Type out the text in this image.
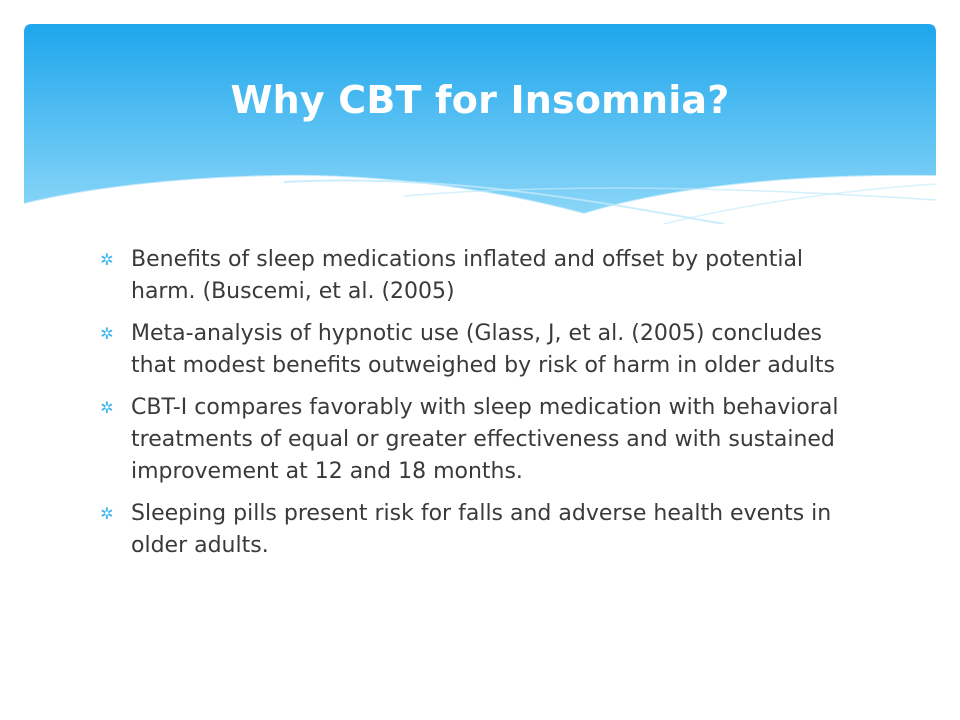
Why CBT for Insomnia?
✲ Benefits of sleep medications inflated and offset by potential harm. (Buscemi, et al. (2005)
✲ Meta-analysis of hypnotic use (Glass, J, et al. (2005) concludes that modest benefits outweighed by risk of harm in older adults
✲ CBT-I compares favorably with sleep medication with behavioral treatments of equal or greater effectiveness and with sustained improvement at 12 and 18 months.
✲ Sleeping pills present risk for falls and adverse health events in older adults.
